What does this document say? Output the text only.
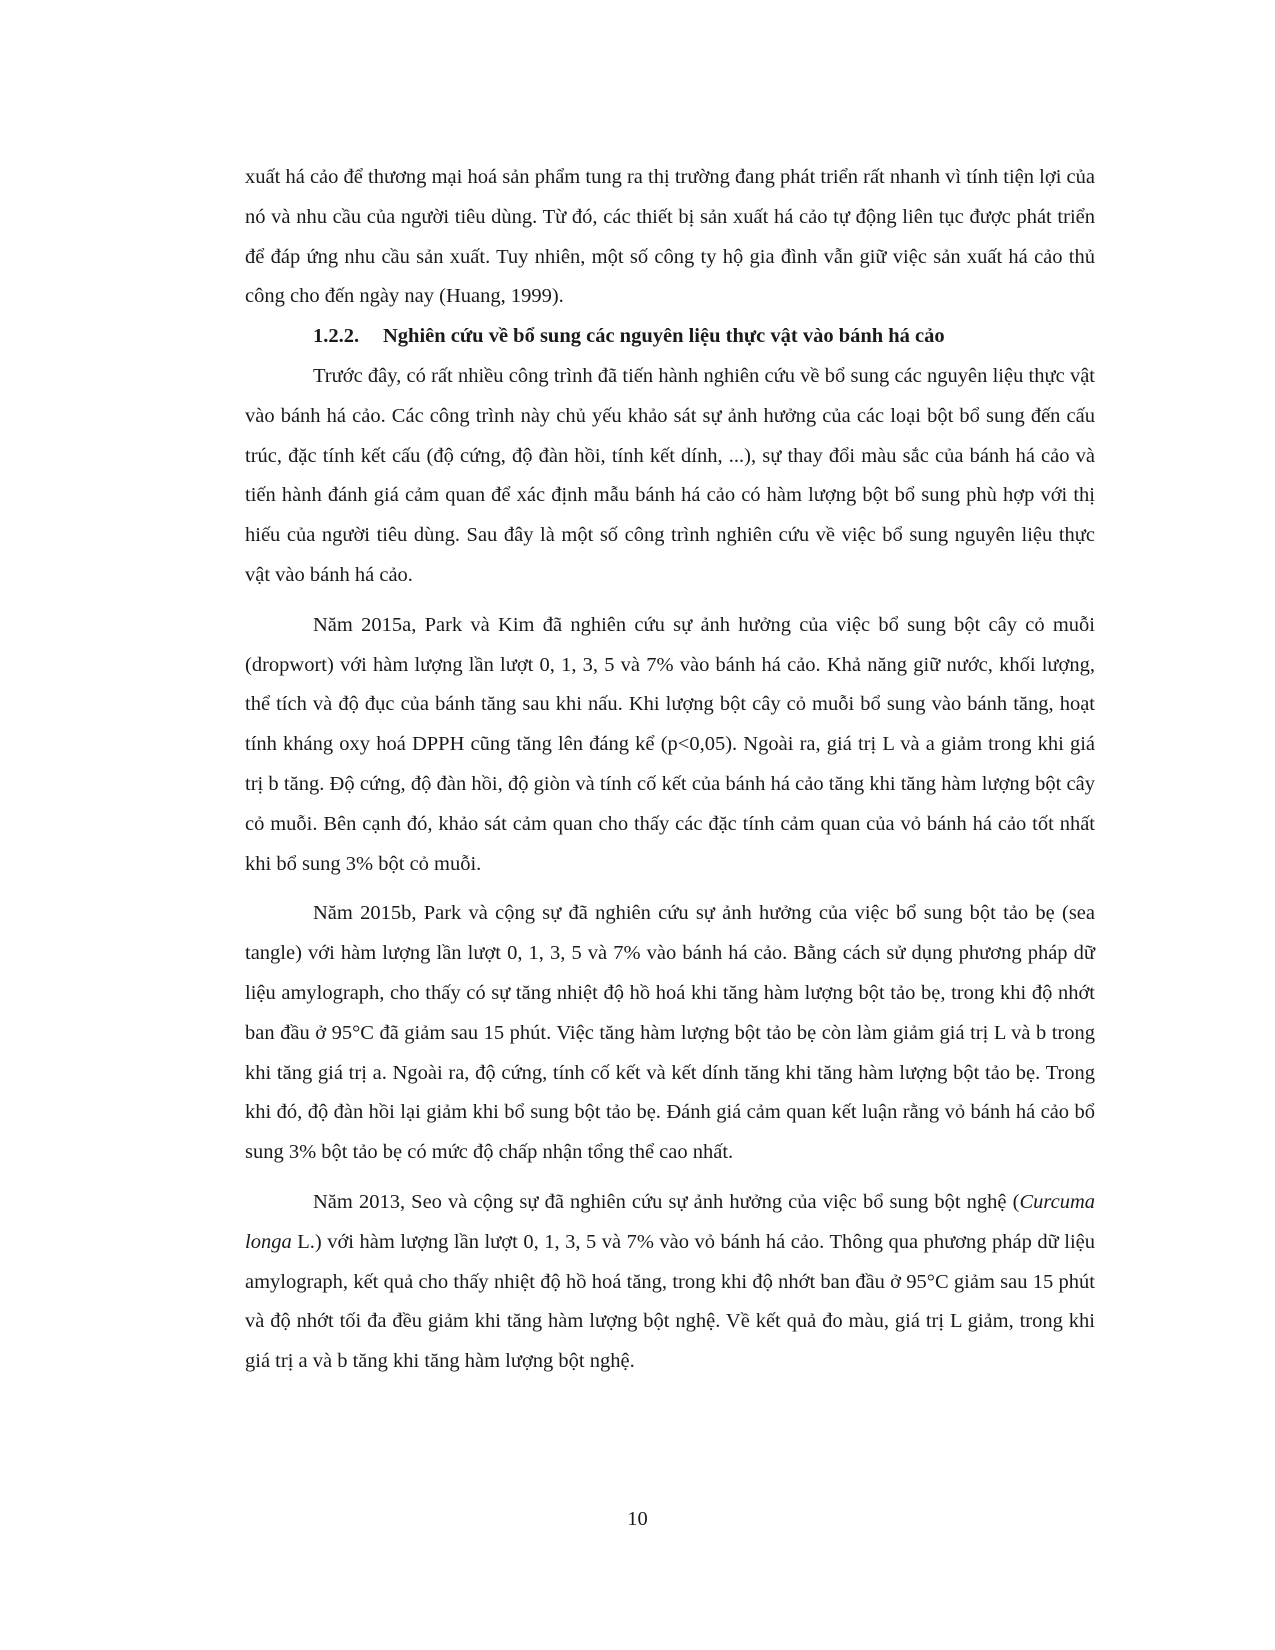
xuất há cảo để thương mại hoá sản phẩm tung ra thị trường đang phát triển rất nhanh vì tính tiện lợi của nó và nhu cầu của người tiêu dùng. Từ đó, các thiết bị sản xuất há cảo tự động liên tục được phát triển để đáp ứng nhu cầu sản xuất. Tuy nhiên, một số công ty hộ gia đình vẫn giữ việc sản xuất há cảo thủ công cho đến ngày nay (Huang, 1999).

1.2.2. Nghiên cứu về bổ sung các nguyên liệu thực vật vào bánh há cảo

Trước đây, có rất nhiều công trình đã tiến hành nghiên cứu về bổ sung các nguyên liệu thực vật vào bánh há cảo. Các công trình này chủ yếu khảo sát sự ảnh hưởng của các loại bột bổ sung đến cấu trúc, đặc tính kết cấu (độ cứng, độ đàn hồi, tính kết dính, ...), sự thay đổi màu sắc của bánh há cảo và tiến hành đánh giá cảm quan để xác định mẫu bánh há cảo có hàm lượng bột bổ sung phù hợp với thị hiếu của người tiêu dùng. Sau đây là một số công trình nghiên cứu về việc bổ sung nguyên liệu thực vật vào bánh há cảo.

Năm 2015a, Park và Kim đã nghiên cứu sự ảnh hưởng của việc bổ sung bột cây cỏ muỗi (dropwort) với hàm lượng lần lượt 0, 1, 3, 5 và 7% vào bánh há cảo. Khả năng giữ nước, khối lượng, thể tích và độ đục của bánh tăng sau khi nấu. Khi lượng bột cây cỏ muỗi bổ sung vào bánh tăng, hoạt tính kháng oxy hoá DPPH cũng tăng lên đáng kể (p<0,05). Ngoài ra, giá trị L và a giảm trong khi giá trị b tăng. Độ cứng, độ đàn hồi, độ giòn và tính cố kết của bánh há cảo tăng khi tăng hàm lượng bột cây cỏ muỗi. Bên cạnh đó, khảo sát cảm quan cho thấy các đặc tính cảm quan của vỏ bánh há cảo tốt nhất khi bổ sung 3% bột cỏ muỗi.

Năm 2015b, Park và cộng sự đã nghiên cứu sự ảnh hưởng của việc bổ sung bột tảo bẹ (sea tangle) với hàm lượng lần lượt 0, 1, 3, 5 và 7% vào bánh há cảo. Bằng cách sử dụng phương pháp dữ liệu amylograph, cho thấy có sự tăng nhiệt độ hồ hoá khi tăng hàm lượng bột tảo bẹ, trong khi độ nhớt ban đầu ở 95°C đã giảm sau 15 phút. Việc tăng hàm lượng bột tảo bẹ còn làm giảm giá trị L và b trong khi tăng giá trị a. Ngoài ra, độ cứng, tính cố kết và kết dính tăng khi tăng hàm lượng bột tảo bẹ. Trong khi đó, độ đàn hồi lại giảm khi bổ sung bột tảo bẹ. Đánh giá cảm quan kết luận rằng vỏ bánh há cảo bổ sung 3% bột tảo bẹ có mức độ chấp nhận tổng thể cao nhất.

Năm 2013, Seo và cộng sự đã nghiên cứu sự ảnh hưởng của việc bổ sung bột nghệ (Curcuma longa L.) với hàm lượng lần lượt 0, 1, 3, 5 và 7% vào vỏ bánh há cảo. Thông qua phương pháp dữ liệu amylograph, kết quả cho thấy nhiệt độ hồ hoá tăng, trong khi độ nhớt ban đầu ở 95°C giảm sau 15 phút và độ nhớt tối đa đều giảm khi tăng hàm lượng bột nghệ. Về kết quả đo màu, giá trị L giảm, trong khi giá trị a và b tăng khi tăng hàm lượng bột nghệ.

10
